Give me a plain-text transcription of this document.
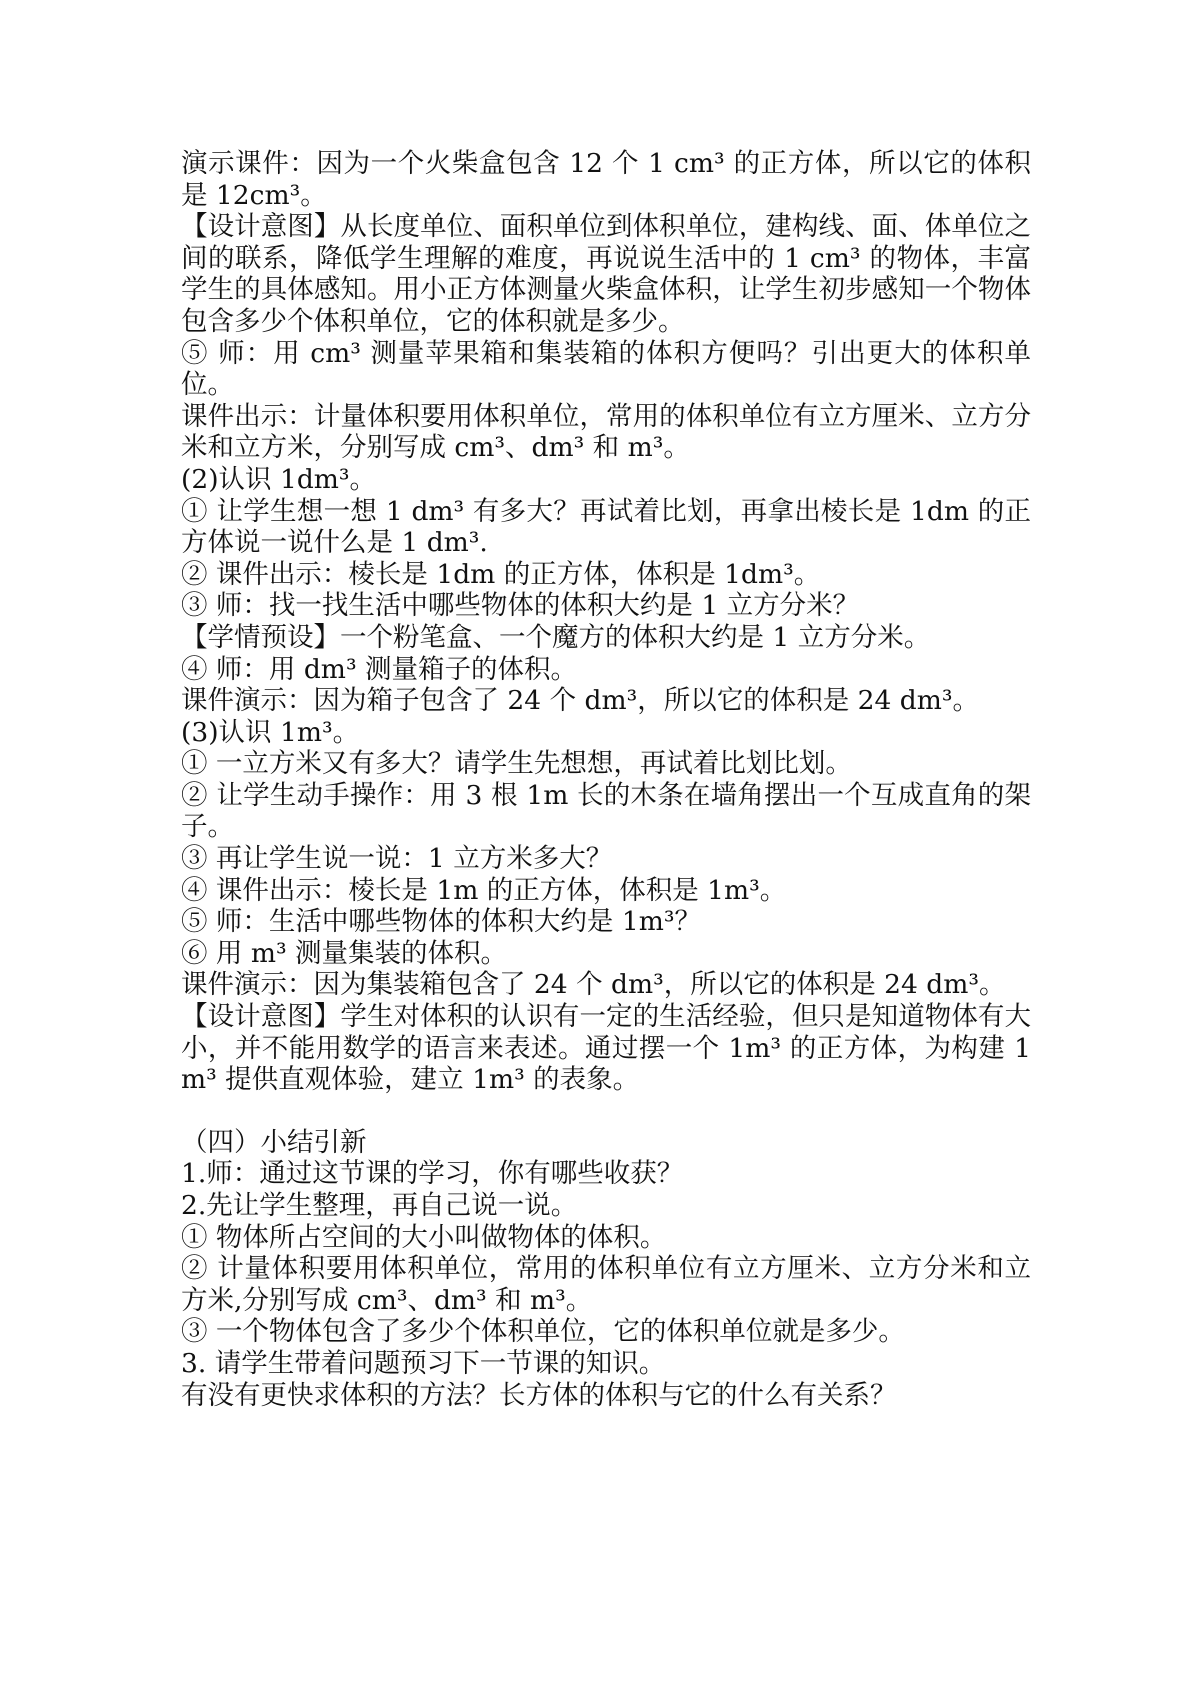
演示课件：因为一个火柴盒包含 12 个 1 cm³ 的正方体，所以它的体积是 12cm³。

【设计意图】从长度单位、面积单位到体积单位，建构线、面、体单位之间的联系，降低学生理解的难度，再说说生活中的 1 cm³ 的物体，丰富学生的具体感知。用小正方体测量火柴盒体积，让学生初步感知一个物体包含多少个体积单位，它的体积就是多少。

⑤ 师：用 cm³ 测量苹果箱和集装箱的体积方便吗？引出更大的体积单位。

课件出示：计量体积要用体积单位，常用的体积单位有立方厘米、立方分米和立方米，分别写成 cm³、dm³ 和 m³。

(2)认识 1dm³。

① 让学生想一想 1 dm³ 有多大？再试着比划，再拿出棱长是 1dm 的正方体说一说什么是 1 dm³.

② 课件出示：棱长是 1dm 的正方体，体积是 1dm³。

③ 师：找一找生活中哪些物体的体积大约是 1 立方分米？

【学情预设】一个粉笔盒、一个魔方的体积大约是 1 立方分米。

④ 师：用 dm³ 测量箱子的体积。

课件演示：因为箱子包含了 24 个 dm³，所以它的体积是 24 dm³。

(3)认识 1m³。

① 一立方米又有多大？请学生先想想，再试着比划比划。

② 让学生动手操作：用 3 根 1m 长的木条在墙角摆出一个互成直角的架子。

③ 再让学生说一说：1 立方米多大？

④ 课件出示：棱长是 1m 的正方体，体积是 1m³。

⑤ 师：生活中哪些物体的体积大约是 1m³？

⑥ 用 m³ 测量集装的体积。

课件演示：因为集装箱包含了 24 个 dm³，所以它的体积是 24 dm³。

【设计意图】学生对体积的认识有一定的生活经验，但只是知道物体有大小，并不能用数学的语言来表述。通过摆一个 1m³ 的正方体，为构建 1m³ 提供直观体验，建立 1m³ 的表象。

（四）小结引新

1.师：通过这节课的学习，你有哪些收获？

2.先让学生整理，再自己说一说。

① 物体所占空间的大小叫做物体的体积。

② 计量体积要用体积单位，常用的体积单位有立方厘米、立方分米和立方米,分别写成 cm³、dm³ 和 m³。

③ 一个物体包含了多少个体积单位，它的体积单位就是多少。

3. 请学生带着问题预习下一节课的知识。

有没有更快求体积的方法？长方体的体积与它的什么有关系？
